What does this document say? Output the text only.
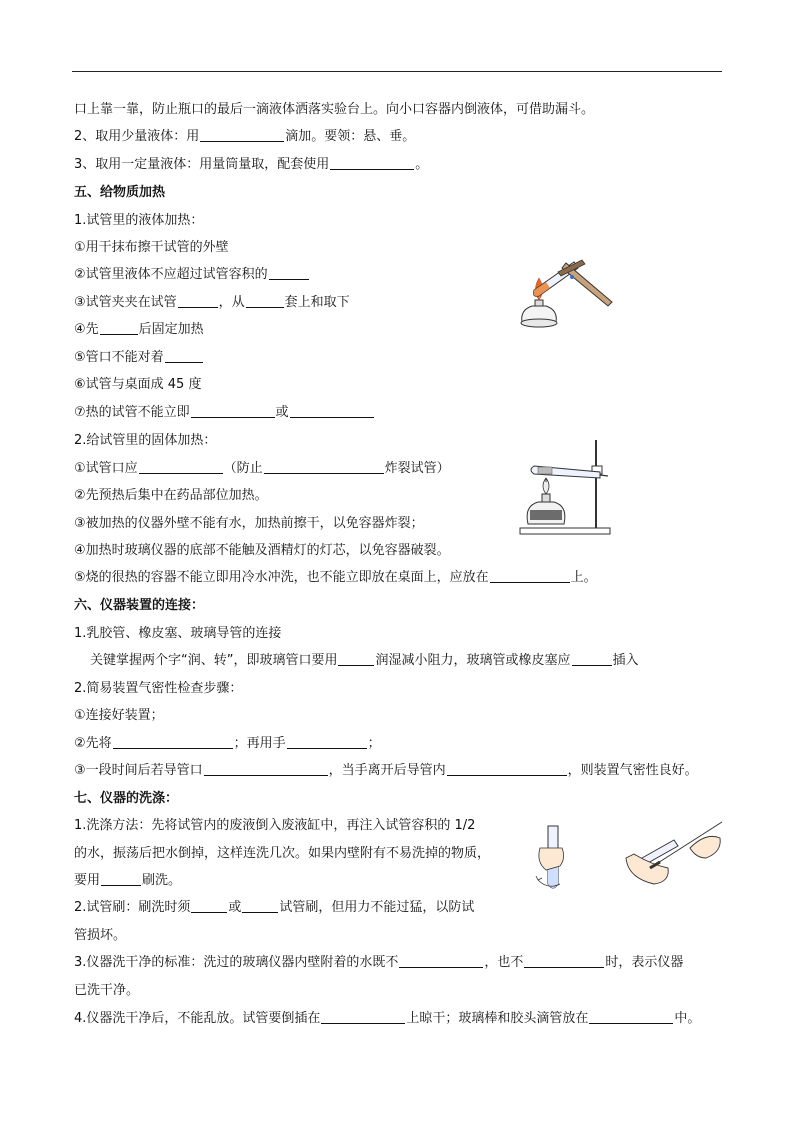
口上靠一靠，防止瓶口的最后一滴液体洒落实验台上。向小口容器内倒液体，可借助漏斗。
2、取用少量液体：用	滴加。要领：悬、垂。
3、取用一定量液体：用量筒量取，配套使用	。
五、给物质加热
1.试管里的液体加热：
①用干抹布擦干试管的外壁
②试管里液体不应超过试管容积的
③试管夹夹在试管	，从	套上和取下
④先	后固定加热
⑤管口不能对着
⑥试管与桌面成 45 度
⑦热的试管不能立即	或
2.给试管里的固体加热：
①试管口应	（防止	炸裂试管）
②先预热后集中在药品部位加热。
③被加热的仪器外壁不能有水，加热前擦干，以免容器炸裂；
④加热时玻璃仪器的底部不能触及酒精灯的灯芯，以免容器破裂。
⑤烧的很热的容器不能立即用冷水冲洗，也不能立即放在桌面上，应放在	上。
六、仪器装置的连接：
1.乳胶管、橡皮塞、玻璃导管的连接
关键掌握两个字“润、转”，即玻璃管口要用	润湿减小阻力，玻璃管或橡皮塞应	插入
2.简易装置气密性检查步骤：
①连接好装置；
②先将	；再用手	；
③一段时间后若导管口	，当手离开后导管内	，则装置气密性良好。
七、仪器的洗涤：
1.洗涤方法：先将试管内的废液倒入废液缸中，再注入试管容积的 1/2
的水，振荡后把水倒掉，这样连洗几次。如果内壁附有不易洗掉的物质，
要用	刷洗。
2.试管刷：刷洗时须	或	试管刷，但用力不能过猛，以防试
管损坏。
3.仪器洗干净的标准：洗过的玻璃仪器内壁附着的水既不	，也不	时，表示仪器
已洗干净。
4.仪器洗干净后，不能乱放。试管要倒插在	上晾干；玻璃棒和胶头滴管放在	中。
